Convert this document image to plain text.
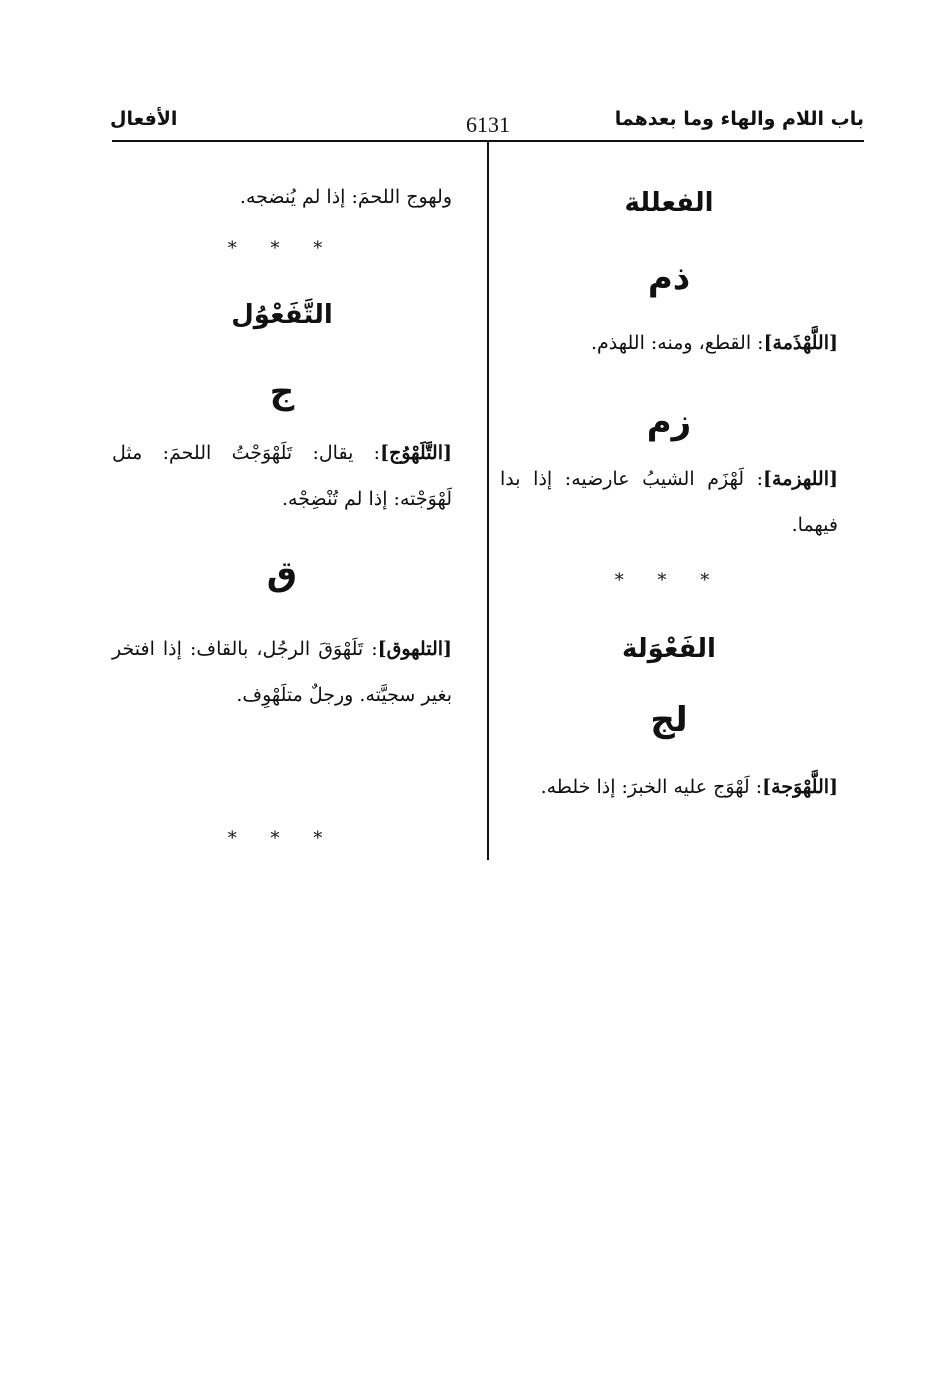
الأفعال	6131	باب اللام والهاء وما بعدهما

الفعللة

ذم

[اللَّهْذَمة]: القطع، ومنه: اللهذم.

زم

[اللهزمة]: لَهْزَم الشيبُ عارضيه: إذا بدا فيهما.

* * *

الفَعْوَلة

لج

[اللَّهْوَجة]: لَهْوَج عليه الخبرَ: إذا خلطه.

ولهوج اللحمَ: إذا لم يُنضجه.

* * *

التَّفَعْوُل

ج

[التَّلَهْوُج]: يقال: تَلَهْوَجْتُ اللحمَ: مثل لَهْوَجْته: إذا لم تُنْضِجْه.

ق

[التلهوق]: تَلَهْوَقَ الرجُل، بالقاف: إذا افتخر بغير سجيَّته. ورجلٌ متلَهْوِف.

* * *
